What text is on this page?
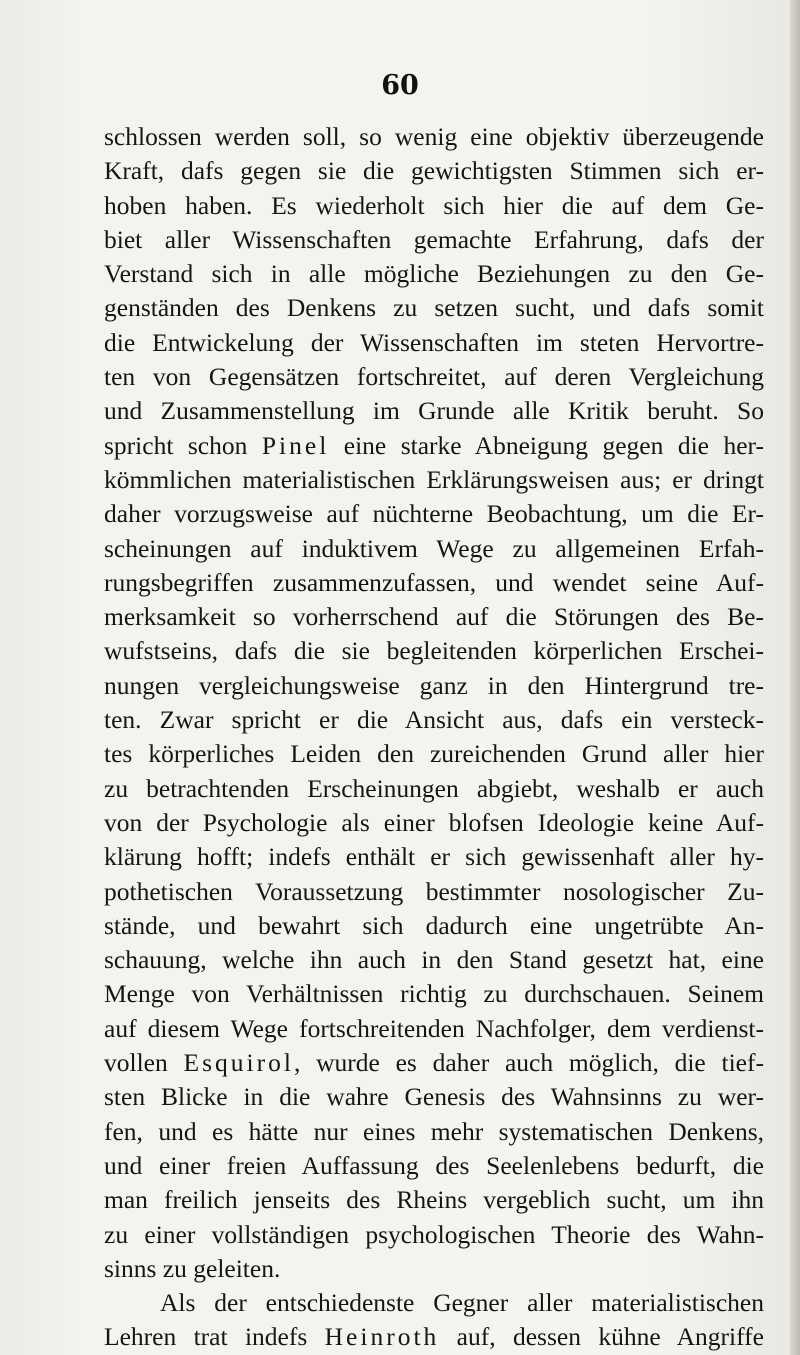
60
schlossen werden soll, so wenig eine objektiv überzeugende
Kraft, dafs gegen sie die gewichtigsten Stimmen sich er-
hoben haben. Es wiederholt sich hier die auf dem Ge-
biet aller Wissenschaften gemachte Erfahrung, dafs der
Verstand sich in alle mögliche Beziehungen zu den Ge-
genständen des Denkens zu setzen sucht, und dafs somit
die Entwickelung der Wissenschaften im steten Hervortre-
ten von Gegensätzen fortschreitet, auf deren Vergleichung
und Zusammenstellung im Grunde alle Kritik beruht. So
spricht schon Pinel eine starke Abneigung gegen die her-
kömmlichen materialistischen Erklärungsweisen aus; er dringt
daher vorzugsweise auf nüchterne Beobachtung, um die Er-
scheinungen auf induktivem Wege zu allgemeinen Erfah-
rungsbegriffen zusammenzufassen, und wendet seine Auf-
merksamkeit so vorherrschend auf die Störungen des Be-
wufstseins, dafs die sie begleitenden körperlichen Erschei-
nungen vergleichungsweise ganz in den Hintergrund tre-
ten. Zwar spricht er die Ansicht aus, dafs ein versteck-
tes körperliches Leiden den zureichenden Grund aller hier
zu betrachtenden Erscheinungen abgiebt, weshalb er auch
von der Psychologie als einer blofsen Ideologie keine Auf-
klärung hofft; indefs enthält er sich gewissenhaft aller hy-
pothetischen Voraussetzung bestimmter nosologischer Zu-
stände, und bewahrt sich dadurch eine ungetrübte An-
schauung, welche ihn auch in den Stand gesetzt hat, eine
Menge von Verhältnissen richtig zu durchschauen. Seinem
auf diesem Wege fortschreitenden Nachfolger, dem verdienst-
vollen Esquirol, wurde es daher auch möglich, die tief-
sten Blicke in die wahre Genesis des Wahnsinns zu wer-
fen, und es hätte nur eines mehr systematischen Denkens,
und einer freien Auffassung des Seelenlebens bedurft, die
man freilich jenseits des Rheins vergeblich sucht, um ihn
zu einer vollständigen psychologischen Theorie des Wahn-
sinns zu geleiten.
Als der entschiedenste Gegner aller materialistischen
Lehren trat indefs Heinroth auf, dessen kühne Angriffe
